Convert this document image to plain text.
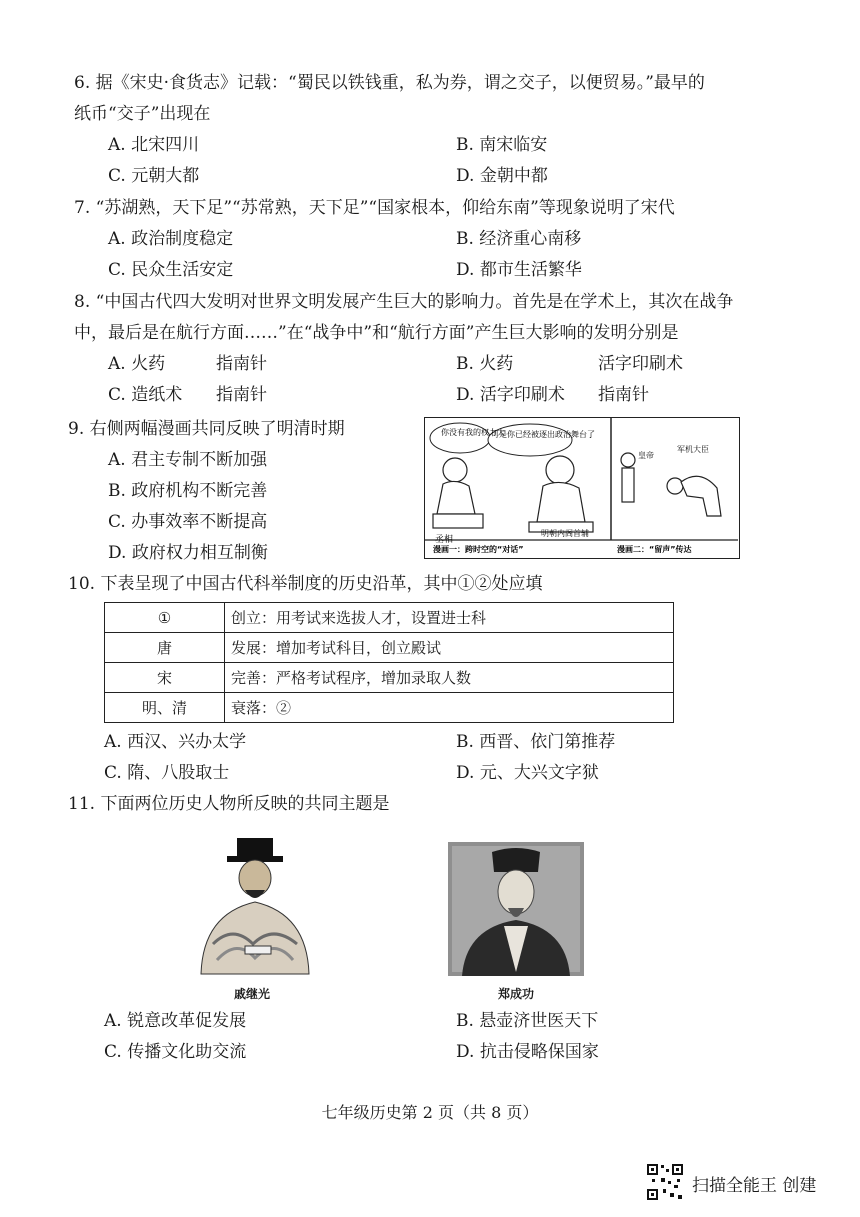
6. 据《宋史·食货志》记载：“蜀民以铁钱重，私为券，谓之交子，以便贸易。”最早的
纸币“交子”出现在
A. 北宋四川	B. 南宋临安
C. 元朝大都	D. 金朝中都
7. “苏湖熟，天下足”“苏常熟，天下足”“国家根本，仰给东南”等现象说明了宋代
A. 政治制度稳定	B. 经济重心南移
C. 民众生活安定	D. 都市生活繁华
8. “中国古代四大发明对世界文明发展产生巨大的影响力。首先是在学术上，其次在战争
中，最后是在航行方面……”在“战争中”和“航行方面”产生巨大影响的发明分别是
A. 火药	指南针	B. 火药	活字印刷术
C. 造纸术 指南针	D. 活字印刷术 指南针
9. 右侧两幅漫画共同反映了明清时期
A. 君主专制不断加强
B. 政府机构不断完善
C. 办事效率不断提高
D. 政府权力相互制衡
你没有我的权力大
可是你已经被逐出政治舞台了
丞相
明朝内阁首辅
皇帝
军机大臣
漫画一：跨时空的“对话”	漫画二：“留声”传达
10. 下表呈现了中国古代科举制度的历史沿革，其中①②处应填
①	创立：用考试来选拔人才，设置进士科
唐	发展：增加考试科目，创立殿试
宋	完善：严格考试程序，增加录取人数
明、清	衰落：②
A. 西汉、兴办太学	B. 西晋、依门第推荐
C. 隋、八股取士	D. 元、大兴文字狱
11. 下面两位历史人物所反映的共同主题是
戚继光	郑成功
A. 锐意改革促发展	B. 悬壶济世医天下
C. 传播文化助交流	D. 抗击侵略保国家
七年级历史第 2 页（共 8 页）
扫描全能王 创建
